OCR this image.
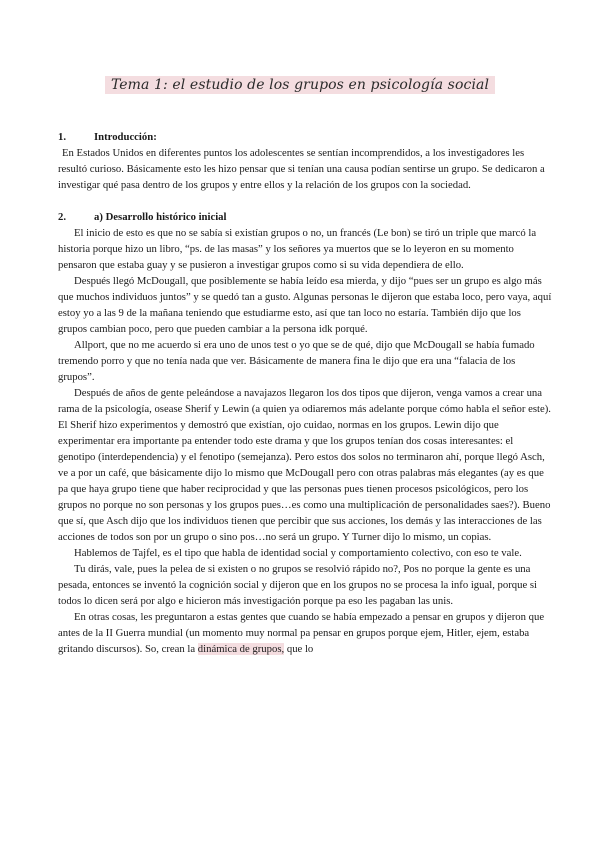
Tema 1: el estudio de los grupos en psicología social
1.	Introducción:

En Estados Unidos en diferentes puntos los adolescentes se sentían incomprendidos, a los investigadores les resultó curioso. Básicamente esto les hizo pensar que si tenían una causa podían sentirse un grupo. Se dedicaron a investigar qué pasa dentro de los grupos y entre ellos y la relación de los grupos con la sociedad.

2.	a) Desarrollo histórico inicial

El inicio de esto es que no se sabía si existían grupos o no, un francés (Le bon) se tiró un triple que marcó la historia porque hizo un libro, “ps. de las masas” y los señores ya muertos que se lo leyeron en su momento pensaron que estaba guay y se pusieron a investigar grupos como si su vida dependiera de ello.

Después llegó McDougall, que posiblemente se había leído esa mierda, y dijo “pues ser un grupo es algo más que muchos individuos juntos” y se quedó tan a gusto. Algunas personas le dijeron que estaba loco, pero vaya, aquí estoy yo a las 9 de la mañana teniendo que estudiarme esto, así que tan loco no estaría. También dijo que los grupos cambian poco, pero que pueden cambiar a la persona idk porqué.

Allport, que no me acuerdo si era uno de unos test o yo que se de qué, dijo que McDougall se había fumado tremendo porro y que no tenía nada que ver. Básicamente de manera fina le dijo que era una “falacia de los grupos”.

Después de años de gente peleándose a navajazos llegaron los dos tipos que dijeron, venga vamos a crear una rama de la psicología, osease Sherif y Lewin (a quien ya odiaremos más adelante porque cómo habla el señor este). El Sherif hizo experimentos y demostró que existían, ojo cuidao, normas en los grupos. Lewin dijo que experimentar era importante pa entender todo este drama y que los grupos tenían dos cosas interesantes: el genotipo (interdependencia) y el fenotipo (semejanza). Pero estos dos solos no terminaron ahí, porque llegó Asch, ve a por un café, que básicamente dijo lo mismo que McDougall pero con otras palabras más elegantes (ay es que pa que haya grupo tiene que haber reciprocidad y que las personas pues tienen procesos psicológicos, pero los grupos no porque no son personas y los grupos pues…es como una multiplicación de personalidades saes?). Bueno que sí, que Asch dijo que los individuos tienen que percibir que sus acciones, los demás y las interacciones de las acciones de todos son por un grupo o sino pos…no será un grupo. Y Turner dijo lo mismo, un copias.

Hablemos de Tajfel, es el tipo que habla de identidad social y comportamiento colectivo, con eso te vale.

Tu dirás, vale, pues la pelea de si existen o no grupos se resolvió rápido no?, Pos no porque la gente es una pesada, entonces se inventó la cognición social y dijeron que en los grupos no se procesa la info igual, porque si todos lo dicen será por algo e hicieron más investigación porque pa eso les pagaban las unis.

En otras cosas, les preguntaron a estas gentes que cuando se había empezado a pensar en grupos y dijeron que antes de la II Guerra mundial (un momento muy normal pa pensar en grupos porque ejem, Hitler, ejem, estaba gritando discursos). So, crean la dinámica de grupos, que lo
